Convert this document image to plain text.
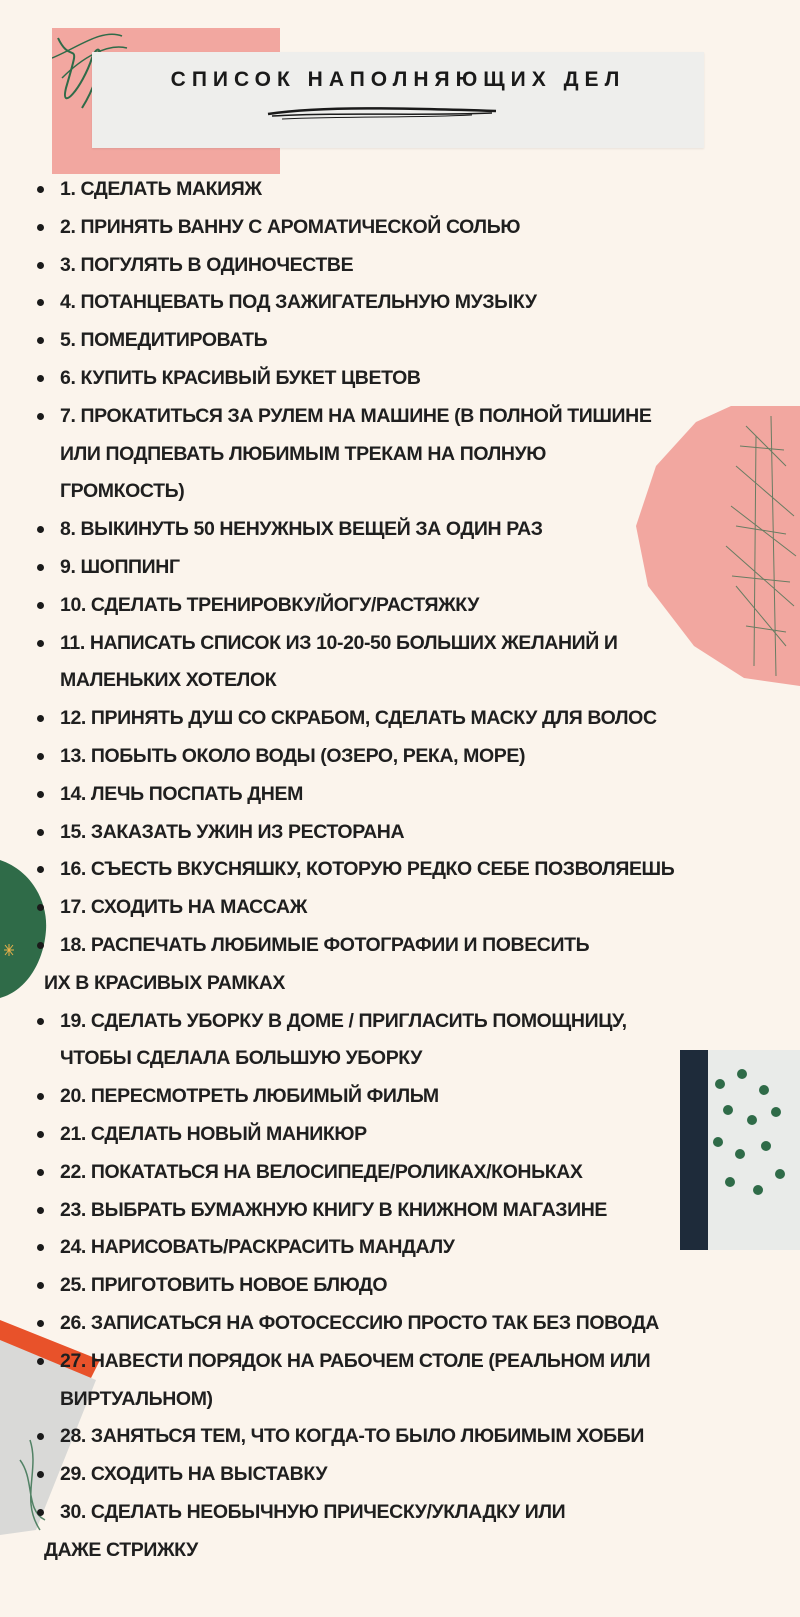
СПИСОК НАПОЛНЯЮЩИХ ДЕЛ
1. СДЕЛАТЬ МАКИЯЖ
2. ПРИНЯТЬ ВАННУ С АРОМАТИЧЕСКОЙ СОЛЬЮ
3. ПОГУЛЯТЬ В ОДИНОЧЕСТВЕ
4. ПОТАНЦЕВАТЬ ПОД ЗАЖИГАТЕЛЬНУЮ МУЗЫКУ
5. ПОМЕДИТИРОВАТЬ
6. КУПИТЬ КРАСИВЫЙ БУКЕТ ЦВЕТОВ
7. ПРОКАТИТЬСЯ ЗА РУЛЕМ НА МАШИНЕ (В ПОЛНОЙ ТИШИНЕ
ИЛИ ПОДПЕВАТЬ ЛЮБИМЫМ ТРЕКАМ НА ПОЛНУЮ
ГРОМКОСТЬ)
8. ВЫКИНУТЬ 50 НЕНУЖНЫХ ВЕЩЕЙ ЗА ОДИН РАЗ
9. ШОППИНГ
10. СДЕЛАТЬ ТРЕНИРОВКУ/ЙОГУ/РАСТЯЖКУ
11. НАПИСАТЬ СПИСОК ИЗ 10-20-50 БОЛЬШИХ ЖЕЛАНИЙ И
МАЛЕНЬКИХ ХОТЕЛОК
12. ПРИНЯТЬ ДУШ СО СКРАБОМ, СДЕЛАТЬ МАСКУ ДЛЯ ВОЛОС
13. ПОБЫТЬ ОКОЛО ВОДЫ (ОЗЕРО, РЕКА, МОРЕ)
14. ЛЕЧЬ ПОСПАТЬ ДНЕМ
15. ЗАКАЗАТЬ УЖИН ИЗ РЕСТОРАНА
16. СЪЕСТЬ ВКУСНЯШКУ, КОТОРУЮ РЕДКО СЕБЕ ПОЗВОЛЯЕШЬ
17. СХОДИТЬ НА МАССАЖ
18. РАСПЕЧАТЬ ЛЮБИМЫЕ ФОТОГРАФИИ И ПОВЕСИТЬ
ИХ В КРАСИВЫХ РАМКАХ
19. СДЕЛАТЬ УБОРКУ В ДОМЕ / ПРИГЛАСИТЬ ПОМОЩНИЦУ,
ЧТОБЫ СДЕЛАЛА БОЛЬШУЮ УБОРКУ
20. ПЕРЕСМОТРЕТЬ ЛЮБИМЫЙ ФИЛЬМ
21. СДЕЛАТЬ НОВЫЙ МАНИКЮР
22. ПОКАТАТЬСЯ НА ВЕЛОСИПЕДЕ/РОЛИКАХ/КОНЬКАХ
23. ВЫБРАТЬ БУМАЖНУЮ КНИГУ В КНИЖНОМ МАГАЗИНЕ
24. НАРИСОВАТЬ/РАСКРАСИТЬ МАНДАЛУ
25. ПРИГОТОВИТЬ НОВОЕ БЛЮДО
26. ЗАПИСАТЬСЯ НА ФОТОСЕССИЮ ПРОСТО ТАК БЕЗ ПОВОДА
27. НАВЕСТИ ПОРЯДОК НА РАБОЧЕМ СТОЛЕ (РЕАЛЬНОМ ИЛИ
ВИРТУАЛЬНОМ)
28. ЗАНЯТЬСЯ ТЕМ, ЧТО КОГДА-ТО БЫЛО ЛЮБИМЫМ ХОББИ
29. СХОДИТЬ НА ВЫСТАВКУ
30. СДЕЛАТЬ НЕОБЫЧНУЮ ПРИЧЕСКУ/УКЛАДКУ ИЛИ
ДАЖЕ СТРИЖКУ
